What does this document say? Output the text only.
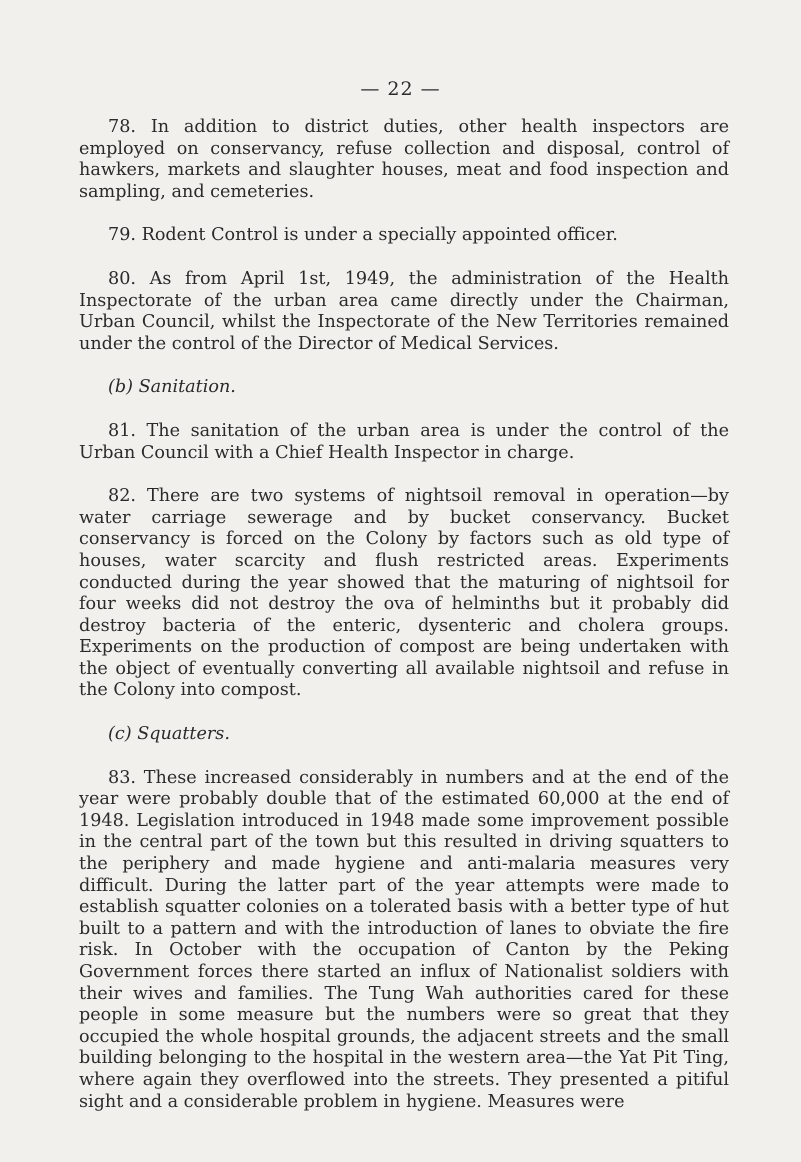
— 22 —

78. In addition to district duties, other health inspectors are employed on conservancy, refuse collection and disposal, control of hawkers, markets and slaughter houses, meat and food inspection and sampling, and cemeteries.

79. Rodent Control is under a specially appointed officer.

80. As from April 1st, 1949, the administration of the Health Inspectorate of the urban area came directly under the Chairman, Urban Council, whilst the Inspectorate of the New Territories remained under the control of the Director of Medical Services.

(b) Sanitation.

81. The sanitation of the urban area is under the control of the Urban Council with a Chief Health Inspector in charge.

82. There are two systems of nightsoil removal in operation—by water carriage sewerage and by bucket conservancy. Bucket conservancy is forced on the Colony by factors such as old type of houses, water scarcity and flush restricted areas. Experiments conducted during the year showed that the maturing of nightsoil for four weeks did not destroy the ova of helminths but it probably did destroy bacteria of the enteric, dysenteric and cholera groups. Experiments on the production of compost are being undertaken with the object of eventually converting all available nightsoil and refuse in the Colony into compost.

(c) Squatters.

83. These increased considerably in numbers and at the end of the year were probably double that of the estimated 60,000 at the end of 1948. Legislation introduced in 1948 made some improvement possible in the central part of the town but this resulted in driving squatters to the periphery and made hygiene and anti-malaria measures very difficult. During the latter part of the year attempts were made to establish squatter colonies on a tolerated basis with a better type of hut built to a pattern and with the introduction of lanes to obviate the fire risk. In October with the occupation of Canton by the Peking Government forces there started an influx of Nationalist soldiers with their wives and families. The Tung Wah authorities cared for these people in some measure but the numbers were so great that they occupied the whole hospital grounds, the adjacent streets and the small building belonging to the hospital in the western area—the Yat Pit Ting, where again they overflowed into the streets. They presented a pitiful sight and a considerable problem in hygiene. Measures were
